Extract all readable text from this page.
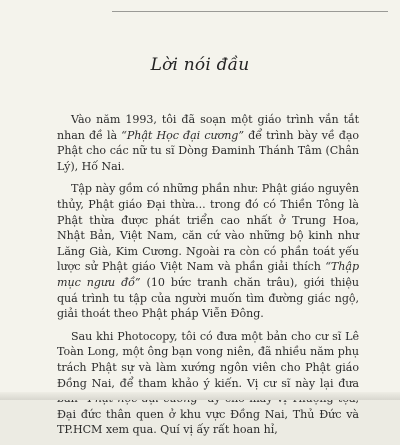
Lời nói đầu

Vào năm 1993, tôi đã soạn một giáo trình vắn tắt nhan đề là “Phật Học đại cương” để trình bày về đạo Phật cho các nữ tu sĩ Dòng Đaminh Thánh Tâm (Chân Lý), Hố Nai.

Tập này gồm có những phần như: Phật giáo nguyên thủy, Phật giáo Đại thừa... trong đó có Thiền Tông là Phật thừa được phát triển cao nhất ở Trung Hoa, Nhật Bản, Việt Nam, căn cứ vào những bộ kinh như Lăng Già, Kim Cương. Ngoài ra còn có phần toát yếu lược sử Phật giáo Việt Nam và phần giải thích “Thập mục ngưu đồ” (10 bức tranh chăn trâu), giới thiệu quá trình tu tập của người muốn tìm đường giác ngộ, giải thoát theo Phật pháp Viễn Đông.

Sau khi Photocopy, tôi có đưa một bản cho cư sĩ Lê Toàn Long, một ông bạn vong niên, đã nhiều năm phụ trách Phật sự và làm xướng ngôn viên cho Phật giáo Đồng Nai, để tham khảo ý kiến. Vị cư sĩ này lại đưa Đại đức thân quen ở khu vực Đồng Nai, Thủ Đức và TP.HCM xem qua. Quí vị ấy rất hoan hỉ,
